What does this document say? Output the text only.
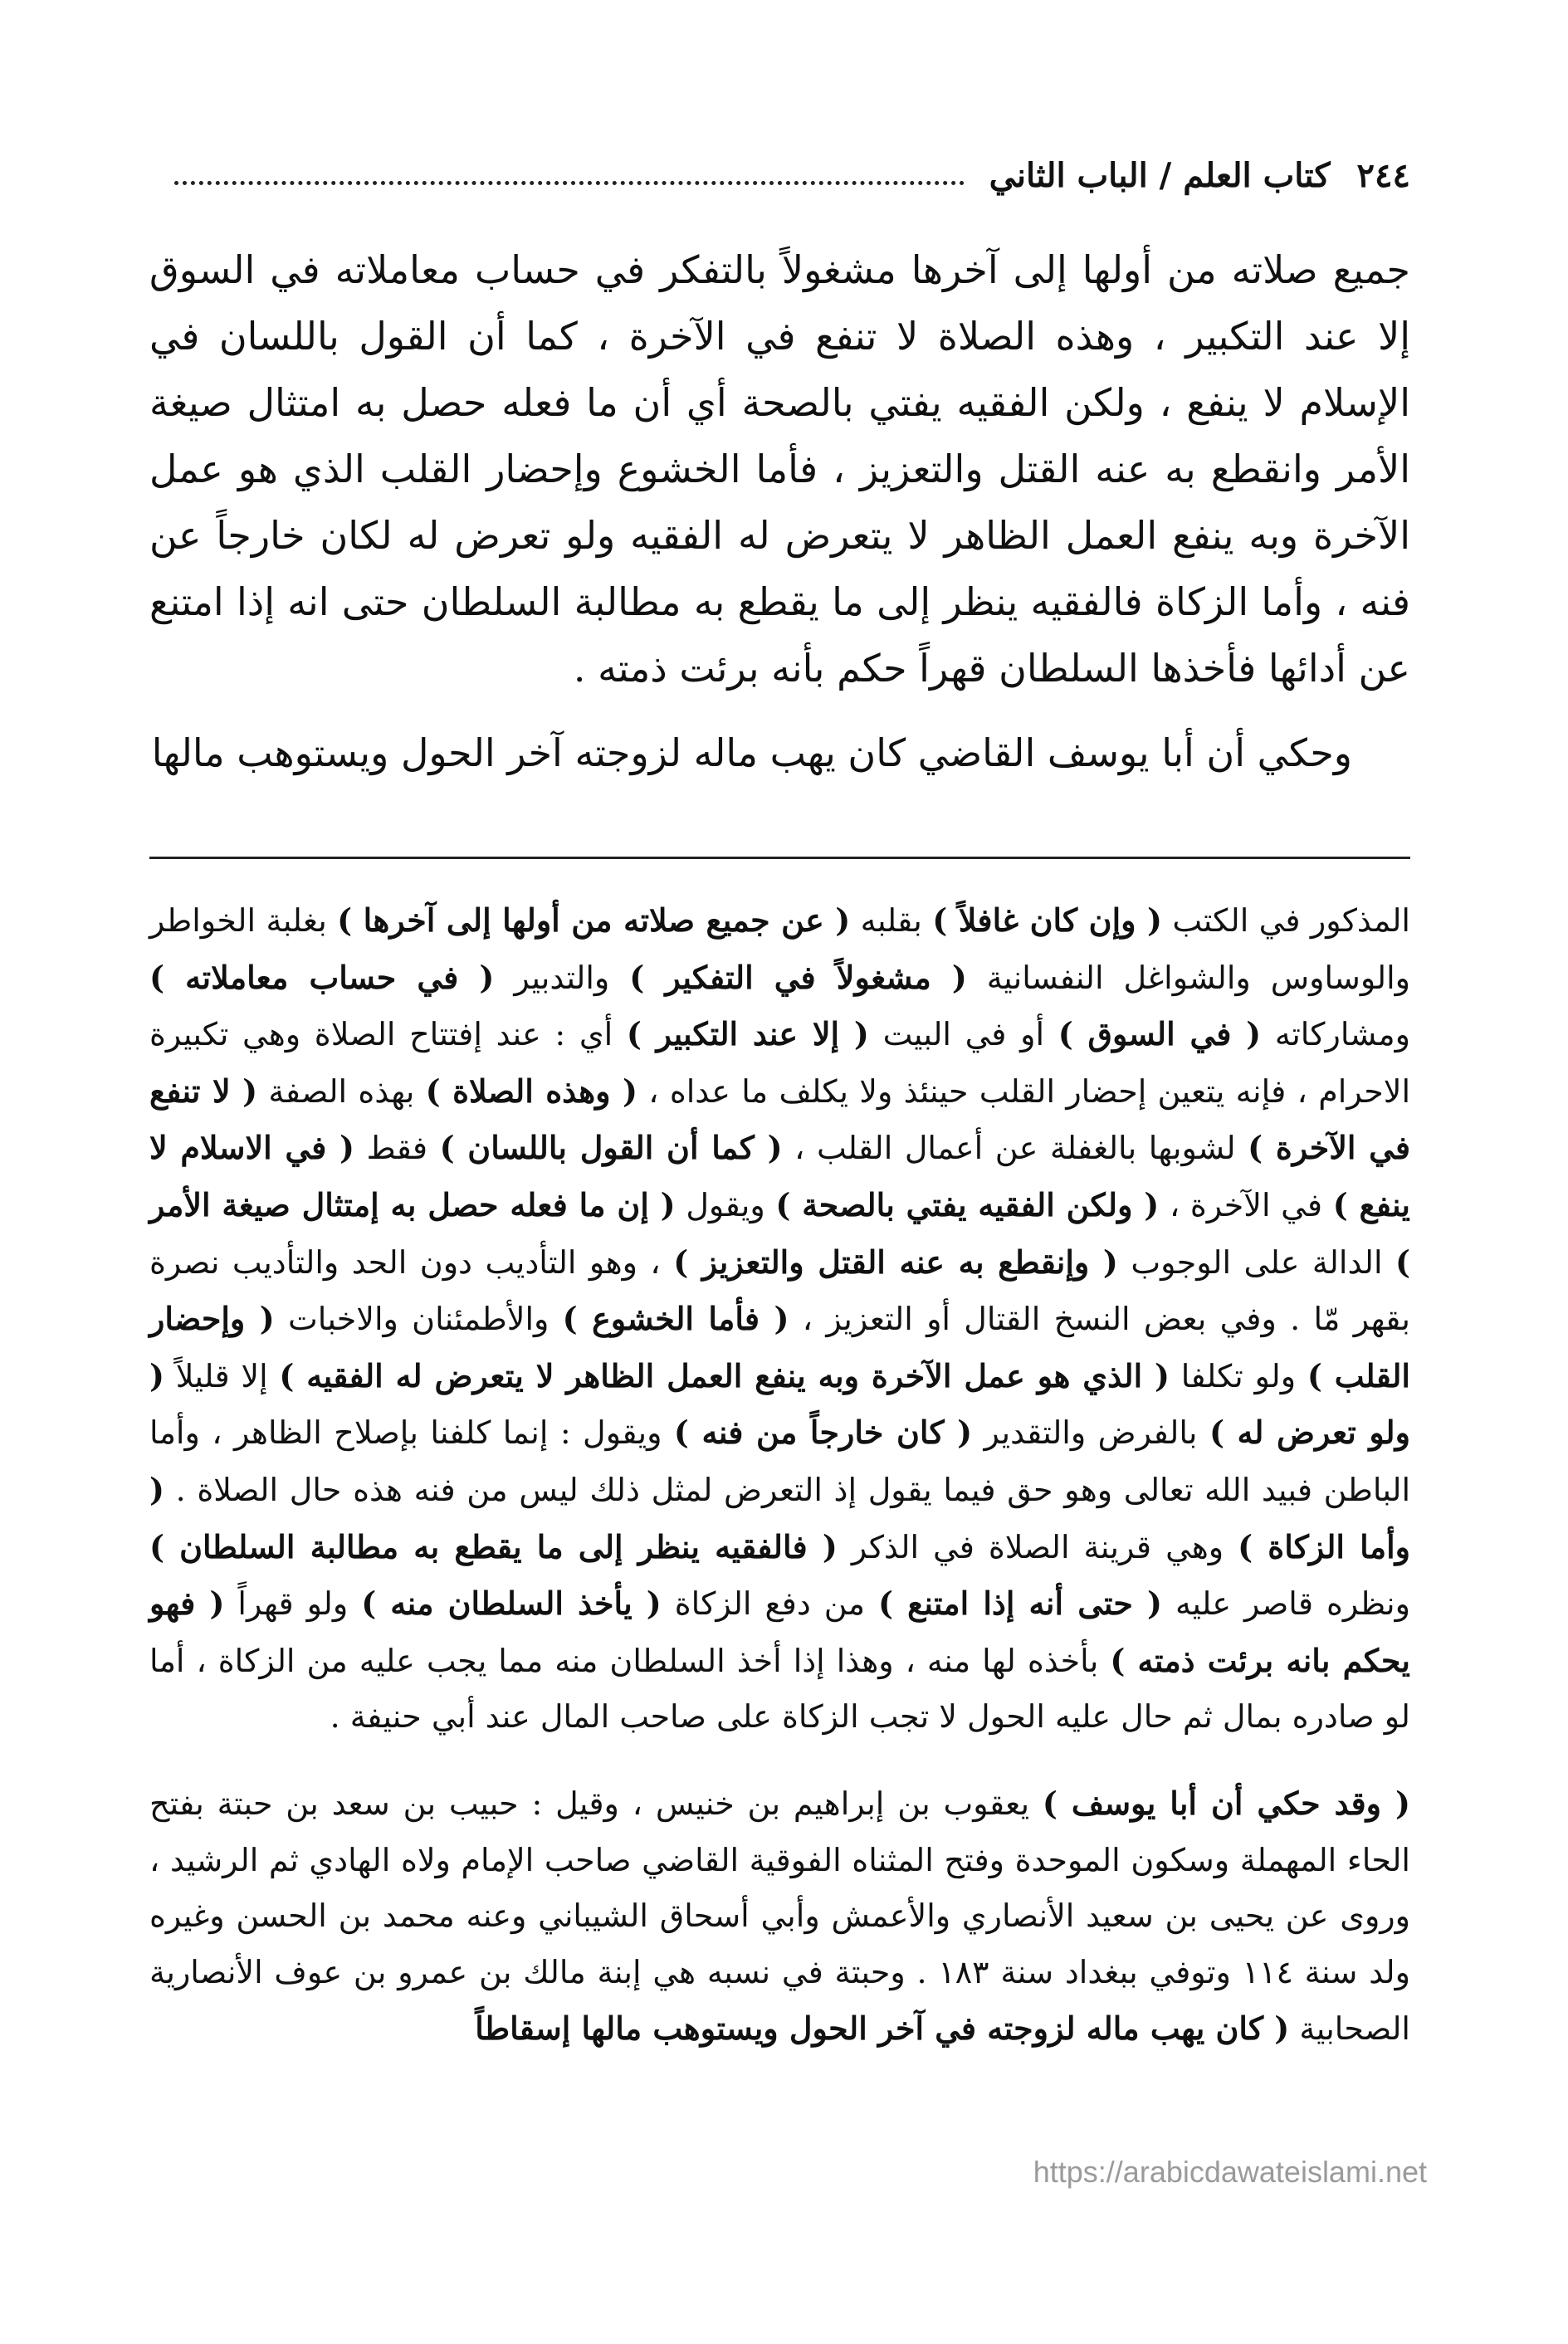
٢٤٤
كتاب العلم / الباب الثاني

جميع صلاته من أولها إلى آخرها مشغولاً بالتفكر في حساب معاملاته في السوق إلا عند التكبير ، وهذه الصلاة لا تنفع في الآخرة ، كما أن القول باللسان في الإسلام لا ينفع ، ولكن الفقيه يفتي بالصحة أي أن ما فعله حصل به امتثال صيغة الأمر وانقطع به عنه القتل والتعزيز ، فأما الخشوع وإحضار القلب الذي هو عمل الآخرة وبه ينفع العمل الظاهر لا يتعرض له الفقيه ولو تعرض له لكان خارجاً عن فنه ، وأما الزكاة فالفقيه ينظر إلى ما يقطع به مطالبة السلطان حتى انه إذا امتنع عن أدائها فأخذها السلطان قهراً حكم بأنه برئت ذمته .

وحكي أن أبا يوسف القاضي كان يهب ماله لزوجته آخر الحول ويستوهب مالها

المذكور في الكتب ( وإن كان غافلاً ) بقلبه ( عن جميع صلاته من أولها إلى آخرها ) بغلبة الخواطر والوساوس والشواغل النفسانية ( مشغولاً في التفكير ) والتدبير ( في حساب معاملاته ) ومشاركاته ( في السوق ) أو في البيت ( إلا عند التكبير ) أي : عند إفتتاح الصلاة وهي تكبيرة الاحرام ، فإنه يتعين إحضار القلب حينئذ ولا يكلف ما عداه ، ( وهذه الصلاة ) بهذه الصفة ( لا تنفع في الآخرة ) لشوبها بالغفلة عن أعمال القلب ، ( كما أن القول باللسان ) فقط ( في الاسلام لا ينفع ) في الآخرة ، ( ولكن الفقيه يفتي بالصحة ) ويقول ( إن ما فعله حصل به إمتثال صيغة الأمر ) الدالة على الوجوب ( وإنقطع به عنه القتل والتعزيز ) ، وهو التأديب دون الحد والتأديب نصرة بقهر مّا . وفي بعض النسخ القتال أو التعزيز ، ( فأما الخشوع ) والأطمئنان والاخبات ( وإحضار القلب ) ولو تكلفا ( الذي هو عمل الآخرة وبه ينفع العمل الظاهر لا يتعرض له الفقيه ) إلا قليلاً ( ولو تعرض له ) بالفرض والتقدير ( كان خارجاً من فنه ) ويقول : إنما كلفنا بإصلاح الظاهر ، وأما الباطن فبيد الله تعالى وهو حق فيما يقول إذ التعرض لمثل ذلك ليس من فنه هذه حال الصلاة . ( وأما الزكاة ) وهي قرينة الصلاة في الذكر ( فالفقيه ينظر إلى ما يقطع به مطالبة السلطان ) ونظره قاصر عليه ( حتى أنه إذا امتنع ) من دفع الزكاة ( يأخذ السلطان منه ) ولو قهراً ( فهو يحكم بانه برئت ذمته ) بأخذه لها منه ، وهذا إذا أخذ السلطان منه مما يجب عليه من الزكاة ، أما لو صادره بمال ثم حال عليه الحول لا تجب الزكاة على صاحب المال عند أبي حنيفة .

( وقد حكي أن أبا يوسف ) يعقوب بن إبراهيم بن خنيس ، وقيل : حبيب بن سعد بن حبتة بفتح الحاء المهملة وسكون الموحدة وفتح المثناه الفوقية القاضي صاحب الإمام ولاه الهادي ثم الرشيد ، وروى عن يحيى بن سعيد الأنصاري والأعمش وأبي أسحاق الشيباني وعنه محمد بن الحسن وغيره ولد سنة ١١٤ وتوفي ببغداد سنة ١٨٣ . وحبتة في نسبه هي إبنة مالك بن عمرو بن عوف الأنصارية الصحابية ( كان يهب ماله لزوجته في آخر الحول ويستوهب مالها إسقاطاً

https://arabicdawateislami.net
